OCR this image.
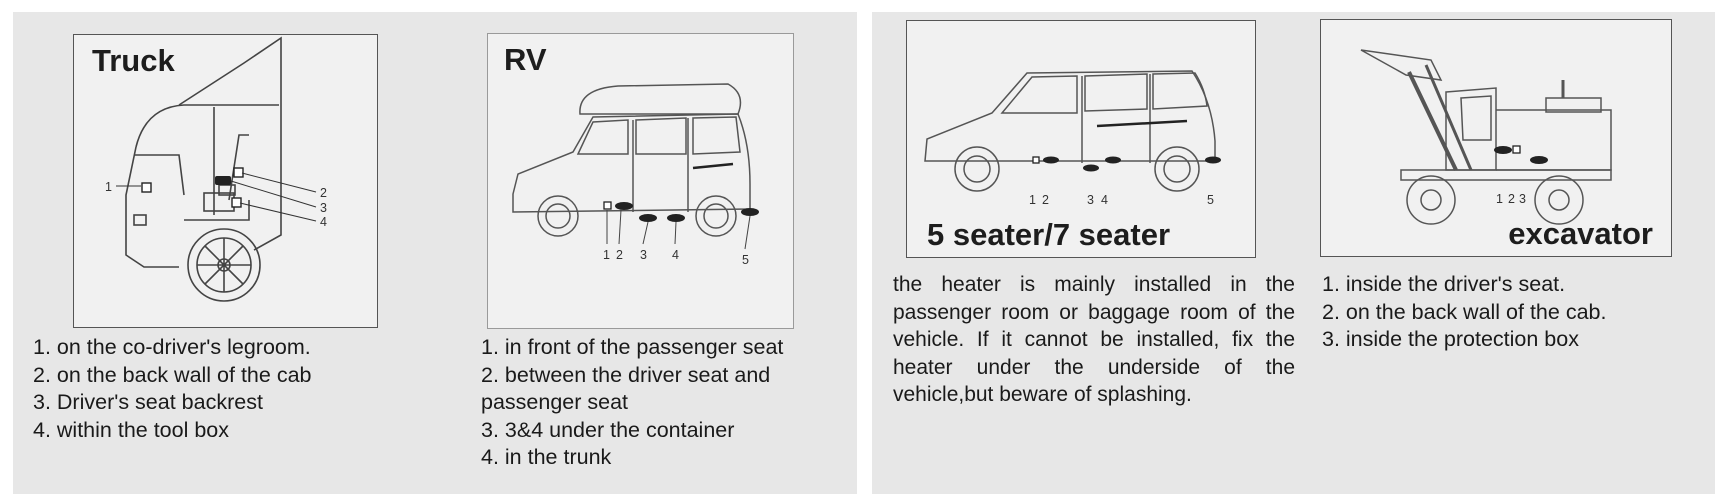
Truck
1	2
3
4
1. on the co-driver's legroom.
2. on the back wall of the cab
3. Driver's seat backrest
4. within the tool box
RV
1 2 3 4	5
1. in front of the passenger seat
2. between the driver seat and
passenger seat
3. 3&4 under the container
4. in the trunk
1 2	3 4	5
5 seater/7 seater
the heater is mainly installed in the passenger room or baggage room of the vehicle. If it cannot be installed, fix the heater under the underside of the vehicle,but beware of splashing.
1 2 3
excavator
1. inside the driver's seat.
2. on the back wall of the cab.
3. inside the protection box
